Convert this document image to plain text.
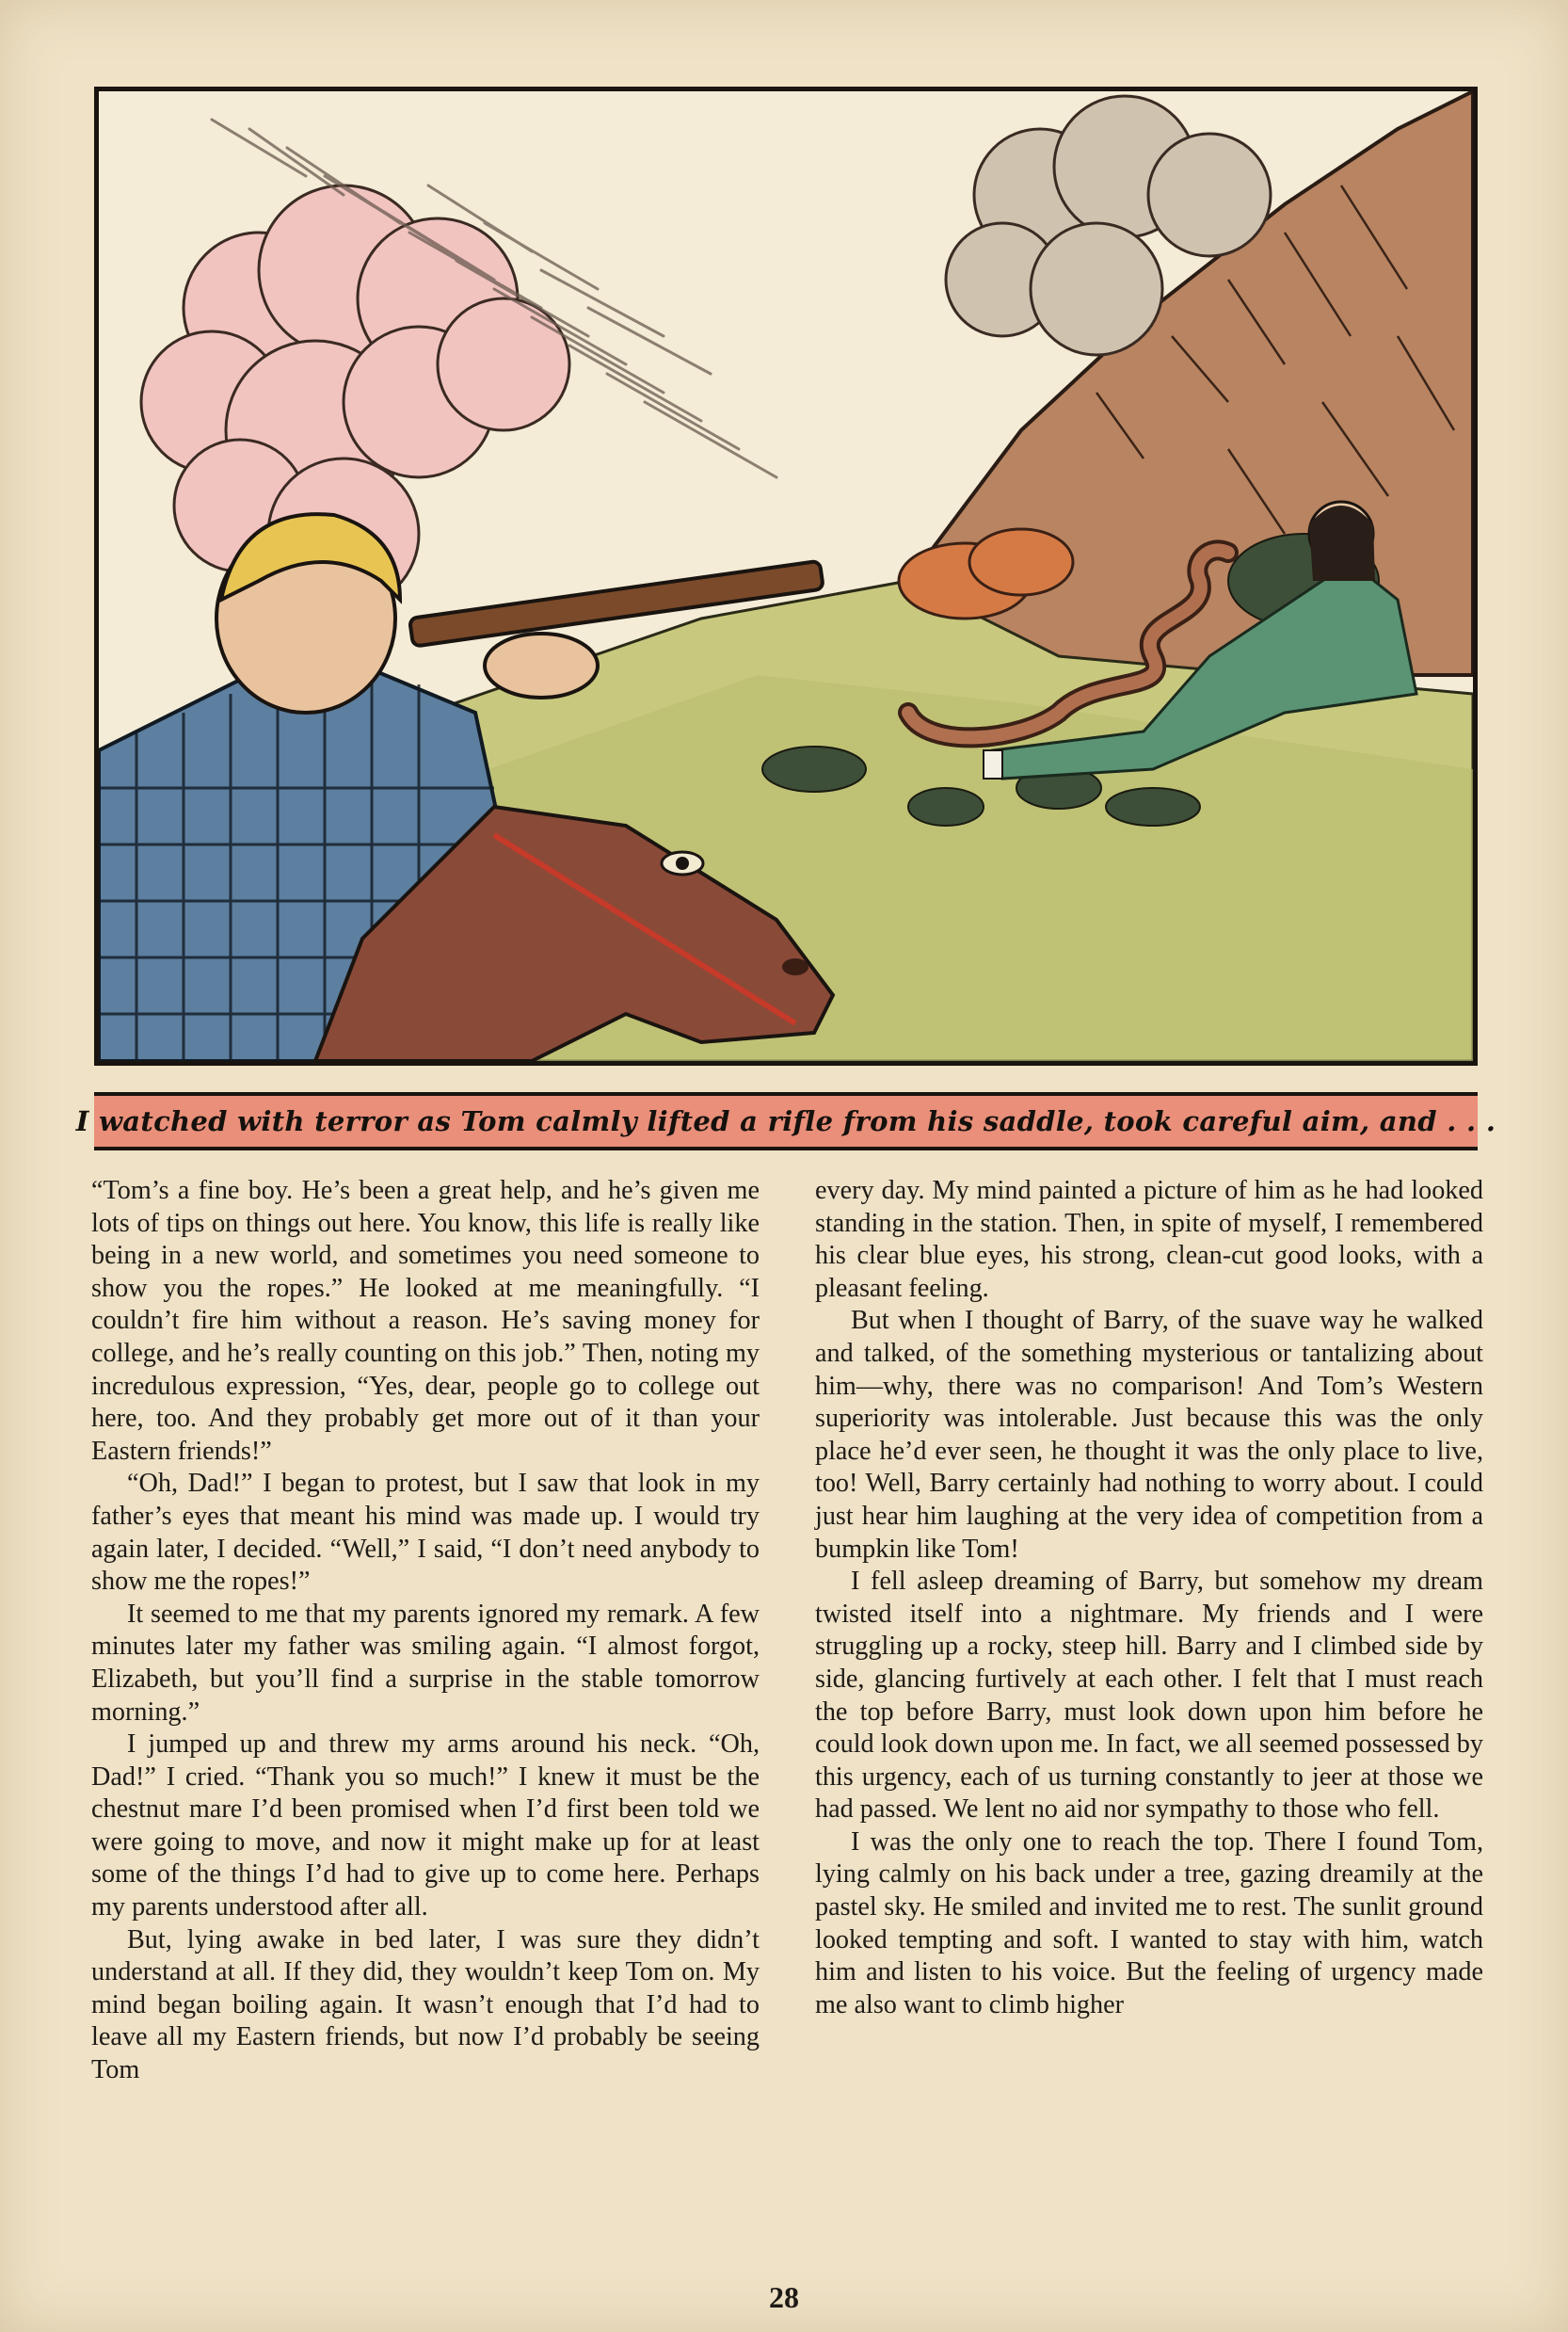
I watched with terror as Tom calmly lifted a rifle from his saddle, took careful aim, and . . .

“Tom’s a fine boy. He’s been a great help, and he’s given me lots of tips on things out here. You know, this life is really like being in a new world, and sometimes you need someone to show you the ropes.” He looked at me meaningfully. “I couldn’t fire him without a reason. He’s saving money for college, and he’s really counting on this job.” Then, noting my incredulous expression, “Yes, dear, people go to college out here, too. And they probably get more out of it than your Eastern friends!”

“Oh, Dad!” I began to protest, but I saw that look in my father’s eyes that meant his mind was made up. I would try again later, I decided. “Well,” I said, “I don’t need anybody to show me the ropes!”

It seemed to me that my parents ignored my remark. A few minutes later my father was smiling again. “I almost forgot, Elizabeth, but you’ll find a surprise in the stable tomorrow morning.”

I jumped up and threw my arms around his neck. “Oh, Dad!” I cried. “Thank you so much!” I knew it must be the chestnut mare I’d been promised when I’d first been told we were going to move, and now it might make up for at least some of the things I’d had to give up to come here. Perhaps my parents understood after all.

But, lying awake in bed later, I was sure they didn’t understand at all. If they did, they wouldn’t keep Tom on. My mind began boiling again. It wasn’t enough that I’d had to leave all my Eastern friends, but now I’d probably be seeing Tom

every day. My mind painted a picture of him as he had looked standing in the station. Then, in spite of myself, I remembered his clear blue eyes, his strong, clean-cut good looks, with a pleasant feeling.

But when I thought of Barry, of the suave way he walked and talked, of the something mysterious or tantalizing about him—why, there was no comparison! And Tom’s Western superiority was intolerable. Just because this was the only place he’d ever seen, he thought it was the only place to live, too! Well, Barry certainly had nothing to worry about. I could just hear him laughing at the very idea of competition from a bumpkin like Tom!

I fell asleep dreaming of Barry, but somehow my dream twisted itself into a nightmare. My friends and I were struggling up a rocky, steep hill. Barry and I climbed side by side, glancing furtively at each other. I felt that I must reach the top before Barry, must look down upon him before he could look down upon me. In fact, we all seemed possessed by this urgency, each of us turning constantly to jeer at those we had passed. We lent no aid nor sympathy to those who fell.

I was the only one to reach the top. There I found Tom, lying calmly on his back under a tree, gazing dreamily at the pastel sky. He smiled and invited me to rest. The sunlit ground looked tempting and soft. I wanted to stay with him, watch him and listen to his voice. But the feeling of urgency made me also want to climb higher

28
